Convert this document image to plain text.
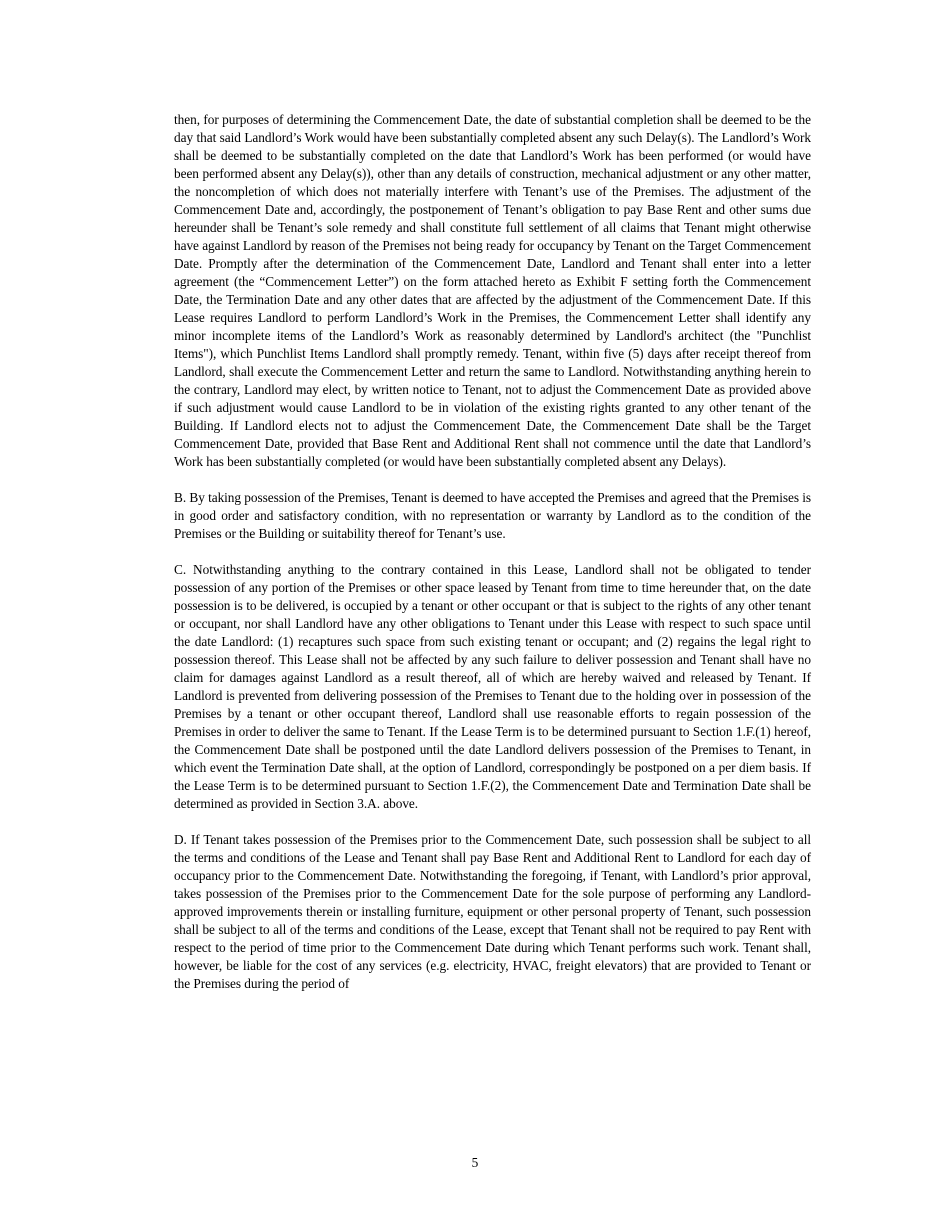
then, for purposes of determining the Commencement Date, the date of substantial completion shall be deemed to be the day that said Landlord’s Work would have been substantially completed absent any such Delay(s). The Landlord’s Work shall be deemed to be substantially completed on the date that Landlord’s Work has been performed (or would have been performed absent any Delay(s)), other than any details of construction, mechanical adjustment or any other matter, the noncompletion of which does not materially interfere with Tenant’s use of the Premises. The adjustment of the Commencement Date and, accordingly, the postponement of Tenant’s obligation to pay Base Rent and other sums due hereunder shall be Tenant’s sole remedy and shall constitute full settlement of all claims that Tenant might otherwise have against Landlord by reason of the Premises not being ready for occupancy by Tenant on the Target Commencement Date. Promptly after the determination of the Commencement Date, Landlord and Tenant shall enter into a letter agreement (the “Commencement Letter”) on the form attached hereto as Exhibit F setting forth the Commencement Date, the Termination Date and any other dates that are affected by the adjustment of the Commencement Date. If this Lease requires Landlord to perform Landlord’s Work in the Premises, the Commencement Letter shall identify any minor incomplete items of the Landlord’s Work as reasonably determined by Landlord's architect (the "Punchlist Items"), which Punchlist Items Landlord shall promptly remedy. Tenant, within five (5) days after receipt thereof from Landlord, shall execute the Commencement Letter and return the same to Landlord. Notwithstanding anything herein to the contrary, Landlord may elect, by written notice to Tenant, not to adjust the Commencement Date as provided above if such adjustment would cause Landlord to be in violation of the existing rights granted to any other tenant of the Building. If Landlord elects not to adjust the Commencement Date, the Commencement Date shall be the Target Commencement Date, provided that Base Rent and Additional Rent shall not commence until the date that Landlord’s Work has been substantially completed (or would have been substantially completed absent any Delays).

B. By taking possession of the Premises, Tenant is deemed to have accepted the Premises and agreed that the Premises is in good order and satisfactory condition, with no representation or warranty by Landlord as to the condition of the Premises or the Building or suitability thereof for Tenant’s use.

C. Notwithstanding anything to the contrary contained in this Lease, Landlord shall not be obligated to tender possession of any portion of the Premises or other space leased by Tenant from time to time hereunder that, on the date possession is to be delivered, is occupied by a tenant or other occupant or that is subject to the rights of any other tenant or occupant, nor shall Landlord have any other obligations to Tenant under this Lease with respect to such space until the date Landlord: (1) recaptures such space from such existing tenant or occupant; and (2) regains the legal right to possession thereof. This Lease shall not be affected by any such failure to deliver possession and Tenant shall have no claim for damages against Landlord as a result thereof, all of which are hereby waived and released by Tenant. If Landlord is prevented from delivering possession of the Premises to Tenant due to the holding over in possession of the Premises by a tenant or other occupant thereof, Landlord shall use reasonable efforts to regain possession of the Premises in order to deliver the same to Tenant. If the Lease Term is to be determined pursuant to Section 1.F.(1) hereof, the Commencement Date shall be postponed until the date Landlord delivers possession of the Premises to Tenant, in which event the Termination Date shall, at the option of Landlord, correspondingly be postponed on a per diem basis. If the Lease Term is to be determined pursuant to Section 1.F.(2), the Commencement Date and Termination Date shall be determined as provided in Section 3.A. above.

D. If Tenant takes possession of the Premises prior to the Commencement Date, such possession shall be subject to all the terms and conditions of the Lease and Tenant shall pay Base Rent and Additional Rent to Landlord for each day of occupancy prior to the Commencement Date. Notwithstanding the foregoing, if Tenant, with Landlord’s prior approval, takes possession of the Premises prior to the Commencement Date for the sole purpose of performing any Landlord-approved improvements therein or installing furniture, equipment or other personal property of Tenant, such possession shall be subject to all of the terms and conditions of the Lease, except that Tenant shall not be required to pay Rent with respect to the period of time prior to the Commencement Date during which Tenant performs such work. Tenant shall, however, be liable for the cost of any services (e.g. electricity, HVAC, freight elevators) that are provided to Tenant or the Premises during the period of

5
